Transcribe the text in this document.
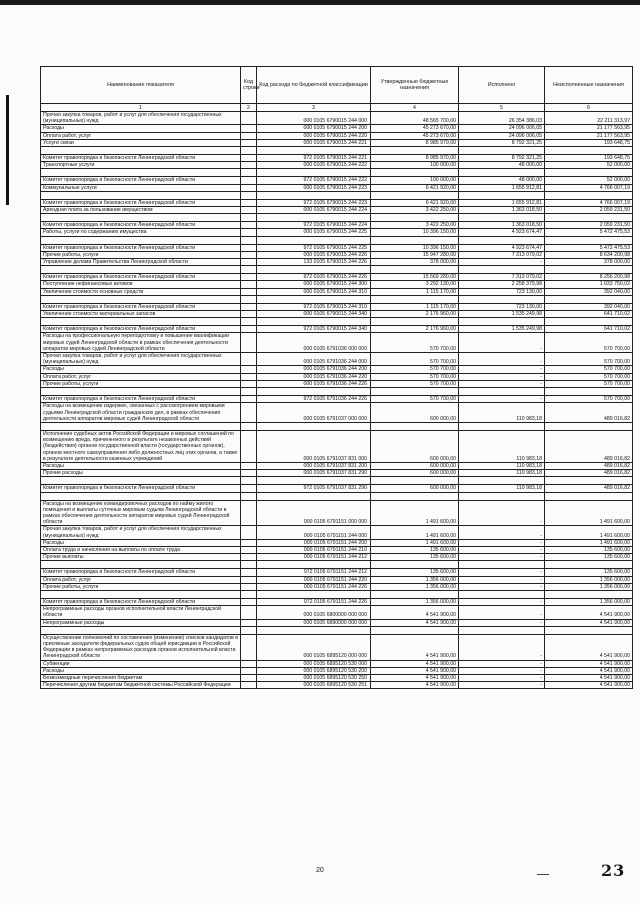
Наименование показателя	Код строки	Код расхода по бюджетной классификации	Утвержденные бюджетные назначения	Исполнено	Неисполненные назначения
1	2	3	4	5	6
Прочая закупка товаров, работ и услуг для обеспечения государственных (муниципальных) нужд		000 0105 6790015 244 000	48 565 700,00	26 354 386,03	22 211 313,97
Расходы		000 0105 6790015 244 200	45 273 670,00	24 096 006,05	21 177 563,95
Оплата работ, услуг		000 0105 6790015 244 220	45 273 670,00	24 096 006,05	21 177 563,95
Услуги связи		000 0105 6790015 244 221	8 985 970,00	8 792 321,25	193 648,75

Комитет правопорядка и безопасности Ленинградской области		972 0105 6790015 244 221	8 985 970,00	8 792 321,25	193 648,75
Транспортные услуги		000 0105 6790015 244 222	100 000,00	48 000,00	52 000,00

Комитет правопорядка и безопасности Ленинградской области		972 0105 6790015 244 222	100 000,00	48 000,00	52 000,00
Коммунальные услуги		000 0105 6790015 244 223	6 421 920,00	1 655 912,81	4 766 007,19

Комитет правопорядка и безопасности Ленинградской области		972 0105 6790015 244 223	6 421 920,00	1 655 912,81	4 766 007,19
Арендная плата за пользование имуществом		000 0105 6790015 244 224	3 422 250,00	1 363 018,50	2 059 231,50

Комитет правопорядка и безопасности Ленинградской области		972 0105 6790015 244 224	3 422 250,00	1 363 018,50	2 059 231,50
Работы, услуги по содержанию имущества		000 0105 6790015 244 225	10 396 150,00	4 923 674,47	5 472 475,53

Комитет правопорядка и безопасности Ленинградской области		972 0105 6790015 244 225	10 396 150,00	4 923 674,47	5 472 475,53
Прочие работы, услуги		000 0105 6790015 244 226	15 947 280,00	7 313 079,02	8 634 200,98
Управление делами Правительства Ленинградской области		133 0105 6790015 244 226	378 000,00	-	378 000,00

Комитет правопорядка и безопасности Ленинградской области		972 0105 6790015 244 226	15 569 280,00	7 313 079,02	8 256 200,98
Поступление нефинансовых активов		000 0105 6790015 244 300	3 292 130,00	2 258 379,98	1 033 750,02
Увеличение стоимости основных средств		000 0105 6790015 244 310	1 115 170,00	723 130,00	392 040,00

Комитет правопорядка и безопасности Ленинградской области		972 0105 6790015 244 310	1 115 170,00	723 130,00	392 040,00
Увеличение стоимости материальных запасов		000 0105 6790015 244 340	2 176 960,00	1 535 249,98	641 710,02

Комитет правопорядка и безопасности Ленинградской области		972 0105 6790015 244 340	2 176 960,00	1 535 249,98	641 710,02
Расходы на профессиональную переподготовку и повышение квалификации мировых судей Ленинградской области в рамках обеспечения деятельности аппаратов мировых судей Ленинградской области		000 0105 6791036 000 000	570 700,00	-	570 700,00
Прочая закупка товаров, работ и услуг для обеспечения государственных (муниципальных) нужд		000 0105 6791036 244 000	570 700,00	-	570 700,00
Расходы		000 0105 6791036 244 200	570 700,00	-	570 700,00
Оплата работ, услуг		000 0105 6791036 244 220	570 700,00	-	570 700,00
Прочие работы, услуги		000 0105 6791036 244 226	570 700,00	-	570 700,00

Комитет правопорядка и безопасности Ленинградской области		972 0105 6791036 244 226	570 700,00	-	570 700,00
Расходы на возмещение издержек, связанных с рассмотрением мировыми судьями Ленинградской области гражданских дел, в рамках обеспечения деятельности аппаратов мировых судей Ленинградской области		000 0105 6791037 000 000	600 000,00	110 983,18	489 016,82

Исполнение судебных актов Российской Федерации и мировых соглашений по возмещению вреда, причиненного в результате незаконных действий (бездействия) органов государственной власти (государственных органов), органов местного самоуправления либо должностных лиц этих органов, а также в результате деятельности казенных учреждений		000 0105 6791037 831 000	600 000,00	110 983,18	489 016,82
Расходы		000 0105 6791037 831 200	600 000,00	110 983,18	489 016,82
Прочие расходы		000 0105 6791037 831 290	600 000,00	110 983,18	489 016,82

Комитет правопорядка и безопасности Ленинградской области		972 0105 6791037 831 290	600 000,00	110 983,18	489 016,82

Расходы на возмещение командировочных расходов по найму жилого помещения и выплаты суточных мировым судьям Ленинградской области в рамках обеспечения деятельности аппаратов мировых судей Ленинградской области		000 0105 6791151 000 000	1 491 600,00	-	1 491 600,00
Прочая закупка товаров, работ и услуг для обеспечения государственных (муниципальных) нужд		000 0105 6791151 244 000	1 491 600,00	-	1 491 600,00
Расходы		000 0105 6791151 244 200	1 491 600,00	-	1 491 600,00
Оплата труда и начисления на выплаты по оплате труда		000 0105 6791151 244 210	135 600,00	-	135 600,00
Прочие выплаты		000 0105 6791151 244 212	135 600,00	-	135 600,00

Комитет правопорядка и безопасности Ленинградской области		972 0105 6791151 244 212	135 600,00	-	135 600,00
Оплата работ, услуг		000 0105 6791151 244 220	1 356 000,00	-	1 356 000,00
Прочие работы, услуги		000 0105 6791151 244 226	1 356 000,00	-	1 356 000,00

Комитет правопорядка и безопасности Ленинградской области		972 0105 6791151 244 226	1 356 000,00	-	1 356 000,00
Непрограммные расходы органов исполнительной власти Ленинградской области		000 0105 6800000 000 000	4 541 900,00	-	4 541 900,00
Непрограммные расходы		000 0105 6890000 000 000	4 541 900,00	-	4 541 900,00

Осуществление полномочий по составлению (изменению) списков кандидатов в присяжные заседатели федеральных судов общей юрисдикции в Российской Федерации в рамках непрограммных расходов органов исполнительной власти Ленинградской области		000 0105 6895120 000 000	4 541 900,00	-	4 541 900,00
Субвенции		000 0105 6895120 530 000	4 541 900,00	-	4 541 900,00
Расходы		000 0105 6895120 530 200	4 541 900,00	-	4 541 900,00
Безвозмездные перечисления бюджетам		000 0105 6895120 530 250	4 541 900,00	-	4 541 900,00
Перечисления другим бюджетам бюджетной системы Российской Федерации		000 0105 6895120 530 251	4 541 900,00	-	4 541 900,00
20	23
